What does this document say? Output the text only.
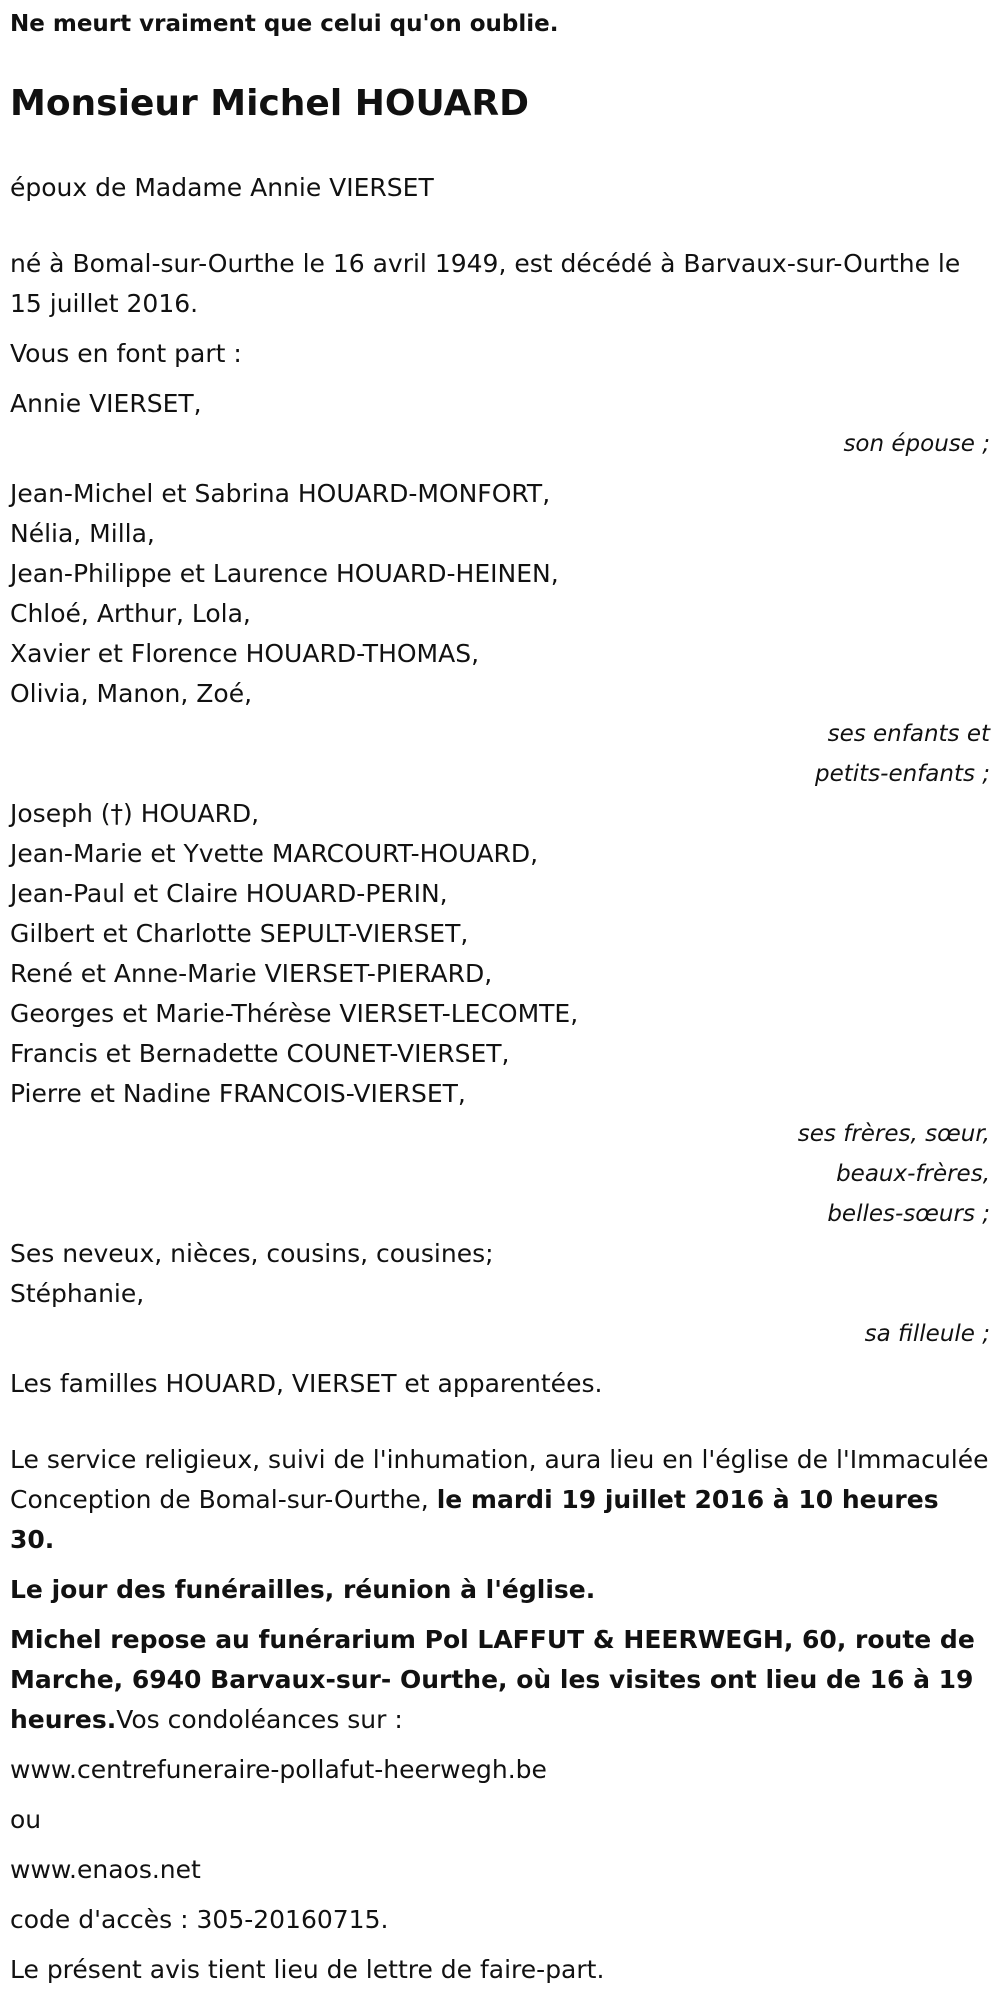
Ne meurt vraiment que celui qu'on oublie.
Monsieur Michel HOUARD

époux de Madame Annie VIERSET

né à Bomal-sur-Ourthe le 16 avril 1949, est décédé à Barvaux-sur-Ourthe le 15 juillet 2016.

Vous en font part :

Annie VIERSET,

son épouse ;

Jean-Michel et Sabrina HOUARD-MONFORT,

Nélia, Milla,

Jean-Philippe et Laurence HOUARD-HEINEN,

Chloé, Arthur, Lola,

Xavier et Florence HOUARD-THOMAS,

Olivia, Manon, Zoé,

ses enfants et

petits-enfants ;

Joseph (†) HOUARD,

Jean-Marie et Yvette MARCOURT-HOUARD,

Jean-Paul et Claire HOUARD-PERIN,

Gilbert et Charlotte SEPULT-VIERSET,

René et Anne-Marie VIERSET-PIERARD,

Georges et Marie-Thérèse VIERSET-LECOMTE,

Francis et Bernadette COUNET-VIERSET,

Pierre et Nadine FRANCOIS-VIERSET,

ses frères, sœur,

beaux-frères,

belles-sœurs ;

Ses neveux, nièces, cousins, cousines;

Stéphanie,

sa filleule ;

Les familles HOUARD, VIERSET et apparentées.

Le service religieux, suivi de l'inhumation, aura lieu en l'église de l'Immaculée Conception de Bomal-sur-Ourthe, le mardi 19 juillet 2016 à 10 heures 30.

Le jour des funérailles, réunion à l'église.

Michel repose au funérarium Pol LAFFUT & HEERWEGH, 60, route de Marche, 6940 Barvaux-sur- Ourthe, où les visites ont lieu de 16 à 19 heures.Vos condoléances sur :

www.centrefuneraire-pollafut-heerwegh.be

ou

www.enaos.net

code d'accès : 305-20160715.

Le présent avis tient lieu de lettre de faire-part.
